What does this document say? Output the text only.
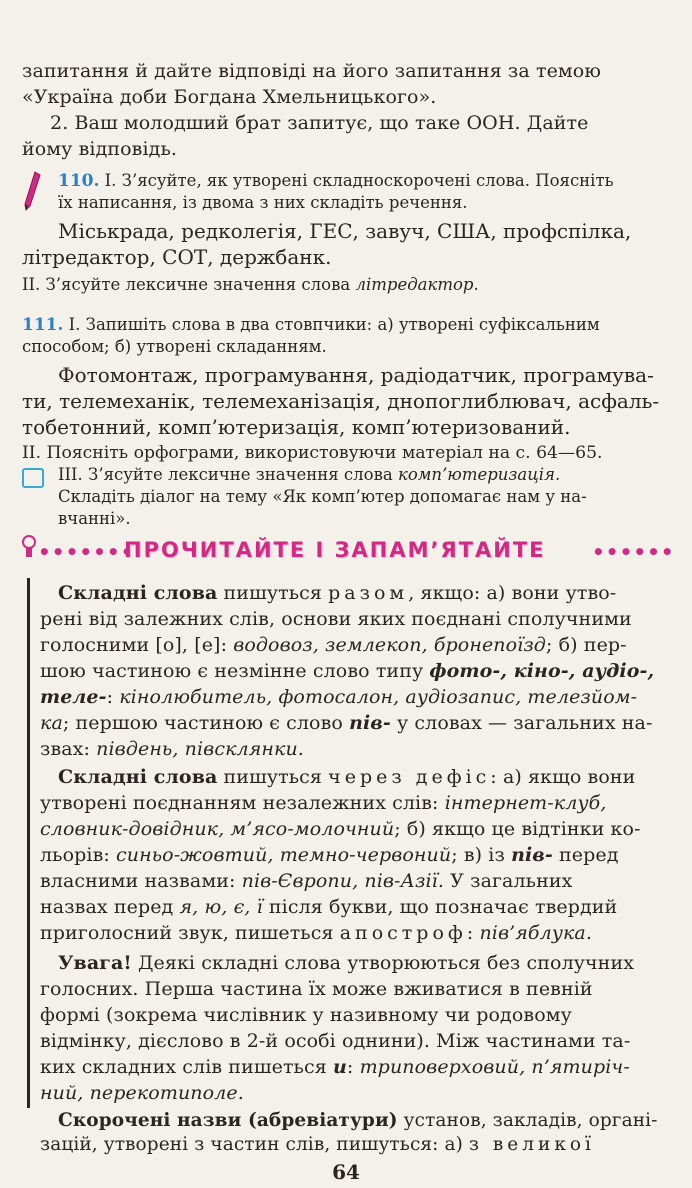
запитання й дайте відповіді на його запитання за темою
«Україна доби Богдана Хмельницького».
2. Ваш молодший брат запитує, що таке ООН. Дайте
йому відповідь.
110. I. З’ясуйте, як утворені складноскорочені слова. Поясніть
їх написання, із двома з них складіть речення.
Міськрада, редколегія, ГЕС, завуч, США, профспілка,
літредактор, СОТ, держбанк.
II. З’ясуйте лексичне значення слова літредактор.
111. I. Запишіть слова в два стовпчики: а) утворені суфіксальним
способом; б) утворені складанням.
Фотомонтаж, програмування, радіодатчик, програмува-
ти, телемеханік, телемеханізація, днопоглиблювач, асфаль-
тобетонний, комп’ютеризація, комп’ютеризований.
II. Поясніть орфограми, використовуючи матеріал на с. 64—65.
III. З’ясуйте лексичне значення слова комп’ютеризація.
Складіть діалог на тему «Як комп’ютер допомагає нам у на-
вчанні».
•••••••
ПРОЧИТАЙТЕ І ЗАПАМ’ЯТАЙТЕ ••••••
Складні слова пишуться разом, якщо: а) вони утво-
рені від залежних слів, основи яких поєднані сполучними
голосними [о], [е]: водовоз, землекоп, бронепоїзд; б) пер-
шою частиною є незмінне слово типу фото-, кіно-, аудіо-,
теле-: кінолюбитель, фотосалон, аудіозапис, телезйом-
ка; першою частиною є слово пів- у словах — загальних на-
звах: південь, півсклянки.
Складні слова пишуться через дефіс: а) якщо вони
утворені поєднанням незалежних слів: інтернет-клуб,
словник-довідник, м’ясо-молочний; б) якщо це відтінки ко-
льорів: синьо-жовтий, темно-червоний; в) із пів- перед
власними назвами: пів-Європи, пів-Азії. У загальних
назвах перед я, ю, є, ї після букви, що позначає твердий
приголосний звук, пишеться апостроф: пів’яблука.
Увага! Деякі складні слова утворюються без сполучних
голосних. Перша частина їх може вживатися в певній
формі (зокрема числівник у називному чи родовому
відмінку, дієслово в 2-й особі однини). Між частинами та-
ких складних слів пишеться и: триповерховий, п’ятиріч-
ний, перекотиполе.
Скорочені назви (абревіатури) установ, закладів, органі-
зацій, утворені з частин слів, пишуться: а) з великої
64
